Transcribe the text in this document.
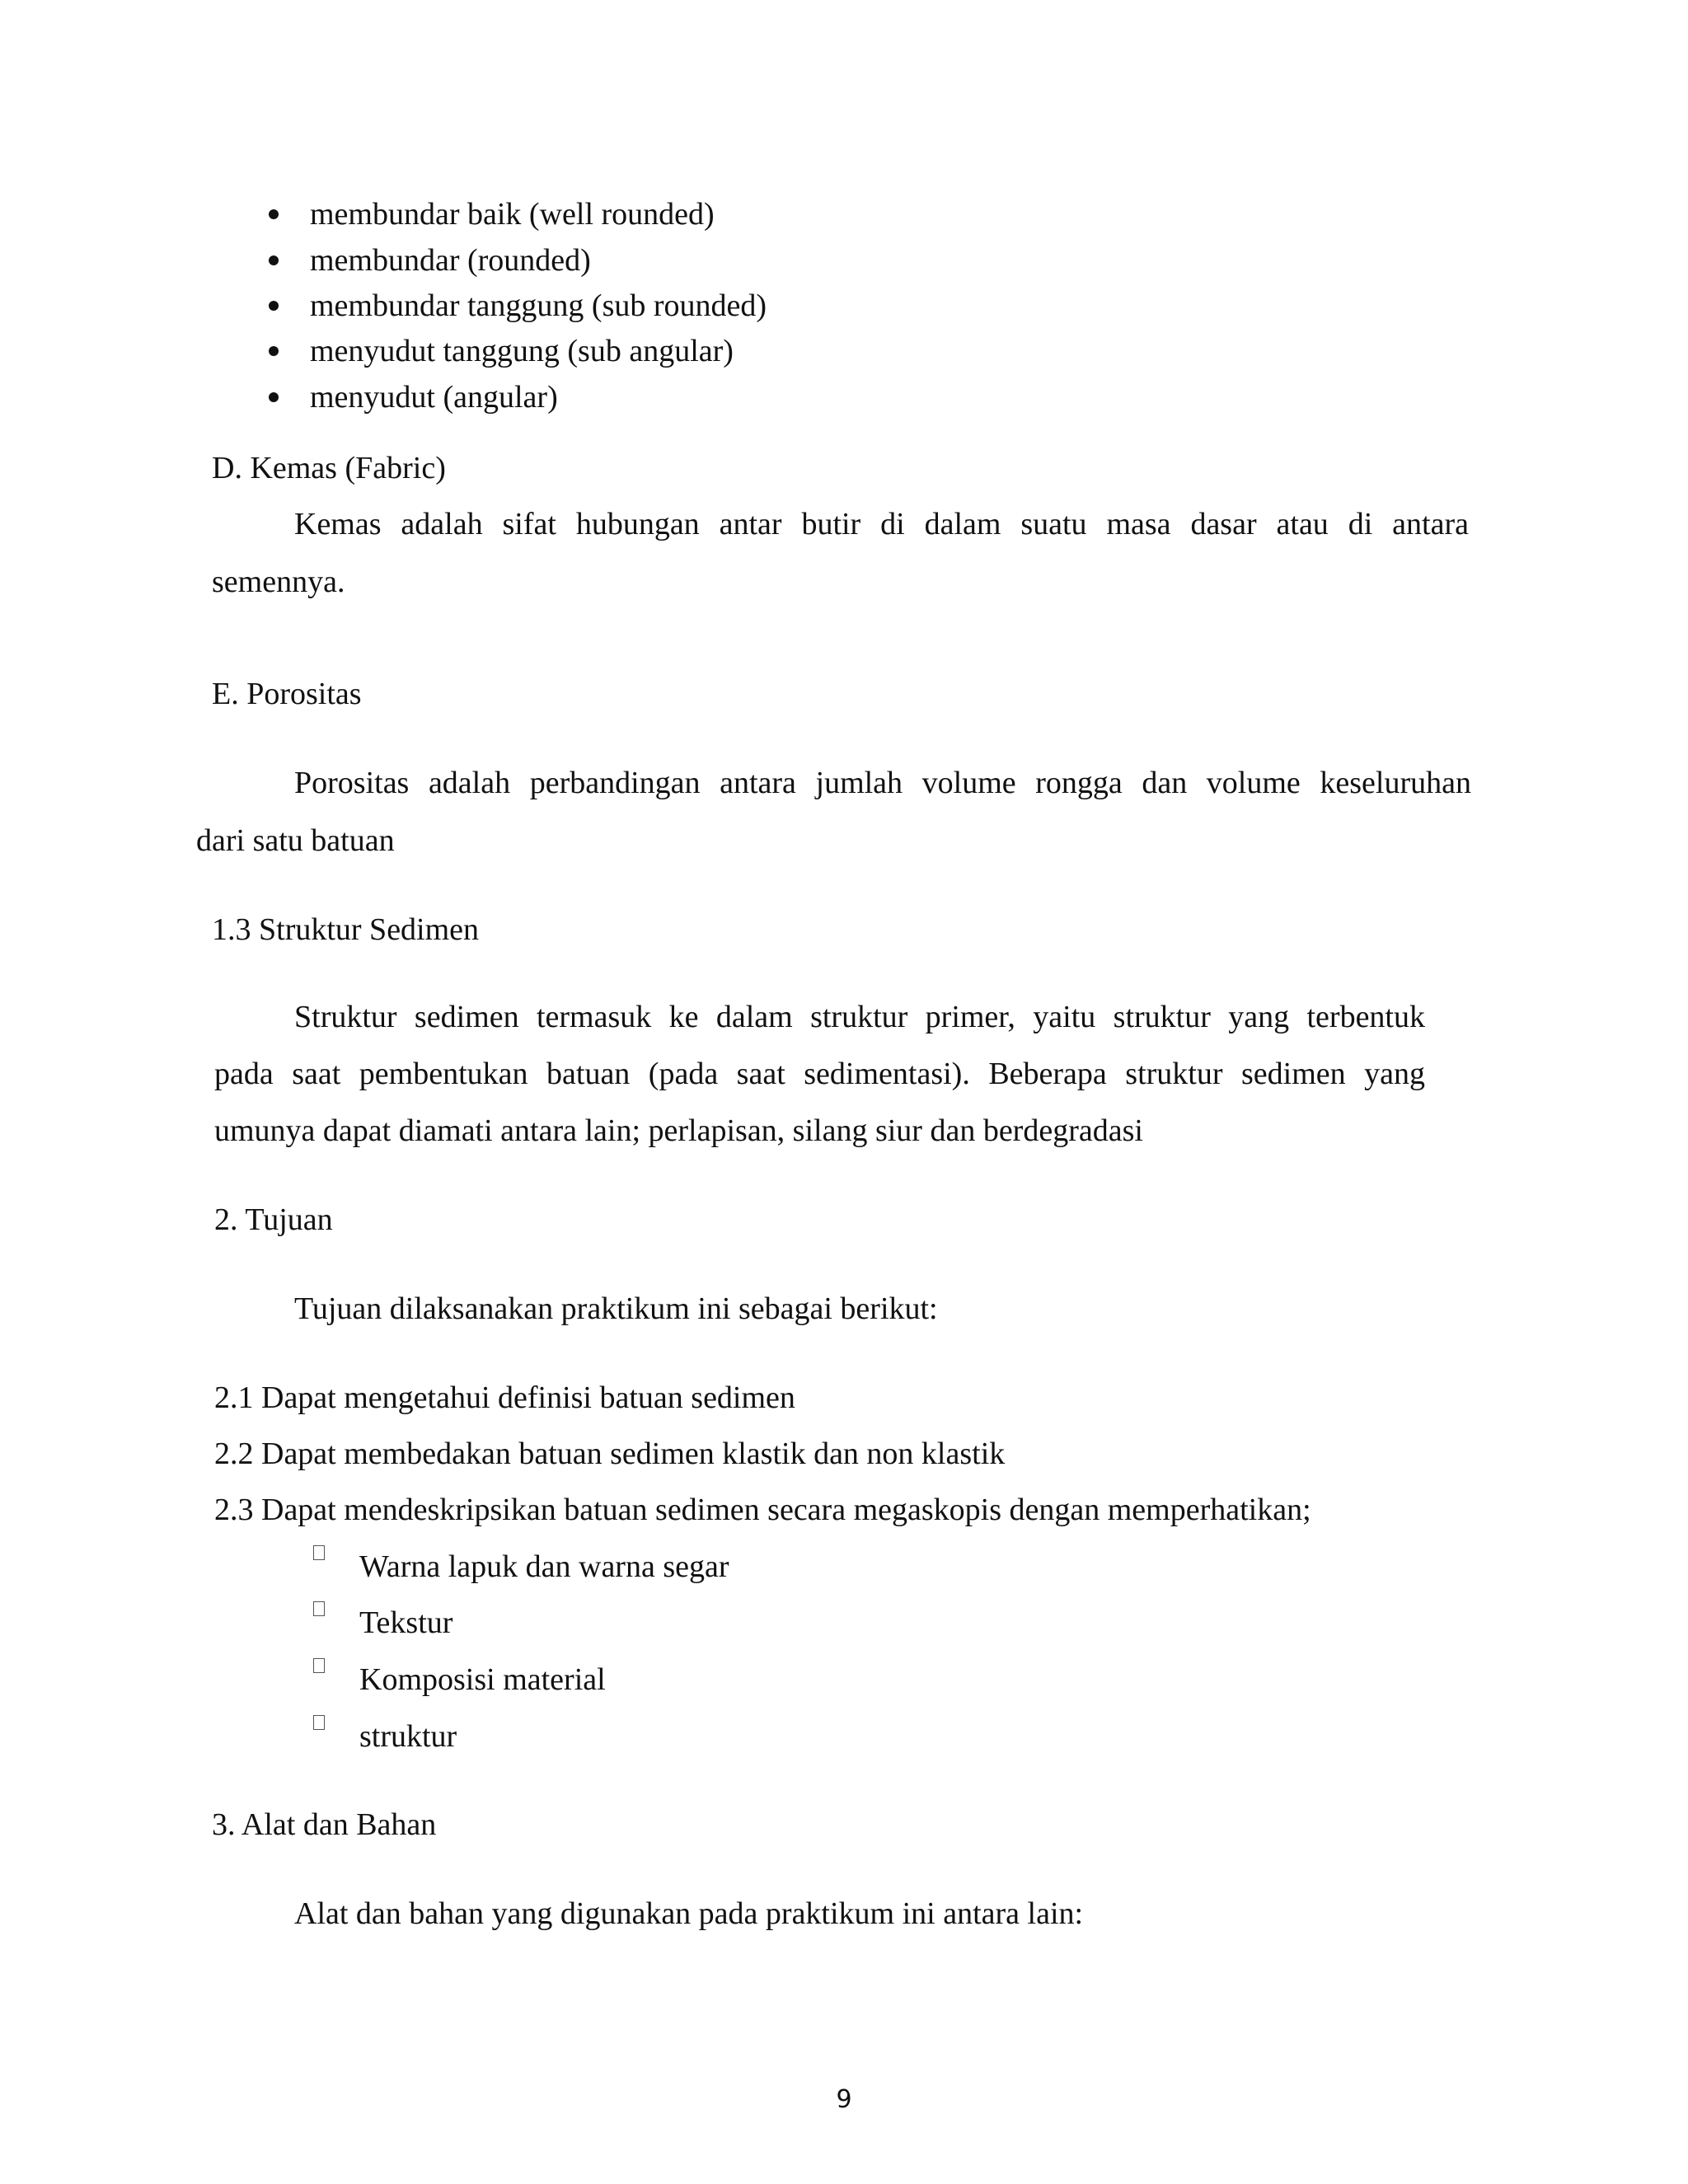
membundar baik (well rounded)
membundar (rounded)
membundar tanggung (sub rounded)
menyudut tanggung (sub angular)
menyudut (angular)
D. Kemas (Fabric)
Kemas adalah sifat hubungan antar butir di dalam suatu masa dasar atau di antara
semennya.
E. Porositas
Porositas adalah perbandingan antara jumlah volume rongga dan volume keseluruhan
dari satu batuan
1.3 Struktur Sedimen
Struktur sedimen termasuk ke dalam struktur primer, yaitu struktur yang terbentuk
pada saat pembentukan batuan (pada saat sedimentasi). Beberapa struktur sedimen yang
umunya dapat diamati antara lain; perlapisan, silang siur dan berdegradasi
2. Tujuan
Tujuan dilaksanakan praktikum ini sebagai berikut:
2.1 Dapat mengetahui definisi batuan sedimen
2.2 Dapat membedakan batuan sedimen klastik dan non klastik
2.3 Dapat mendeskripsikan batuan sedimen secara megaskopis dengan memperhatikan;
Warna lapuk dan warna segar
Tekstur
Komposisi material
struktur
3. Alat dan Bahan
Alat dan bahan yang digunakan pada praktikum ini antara lain:
9
